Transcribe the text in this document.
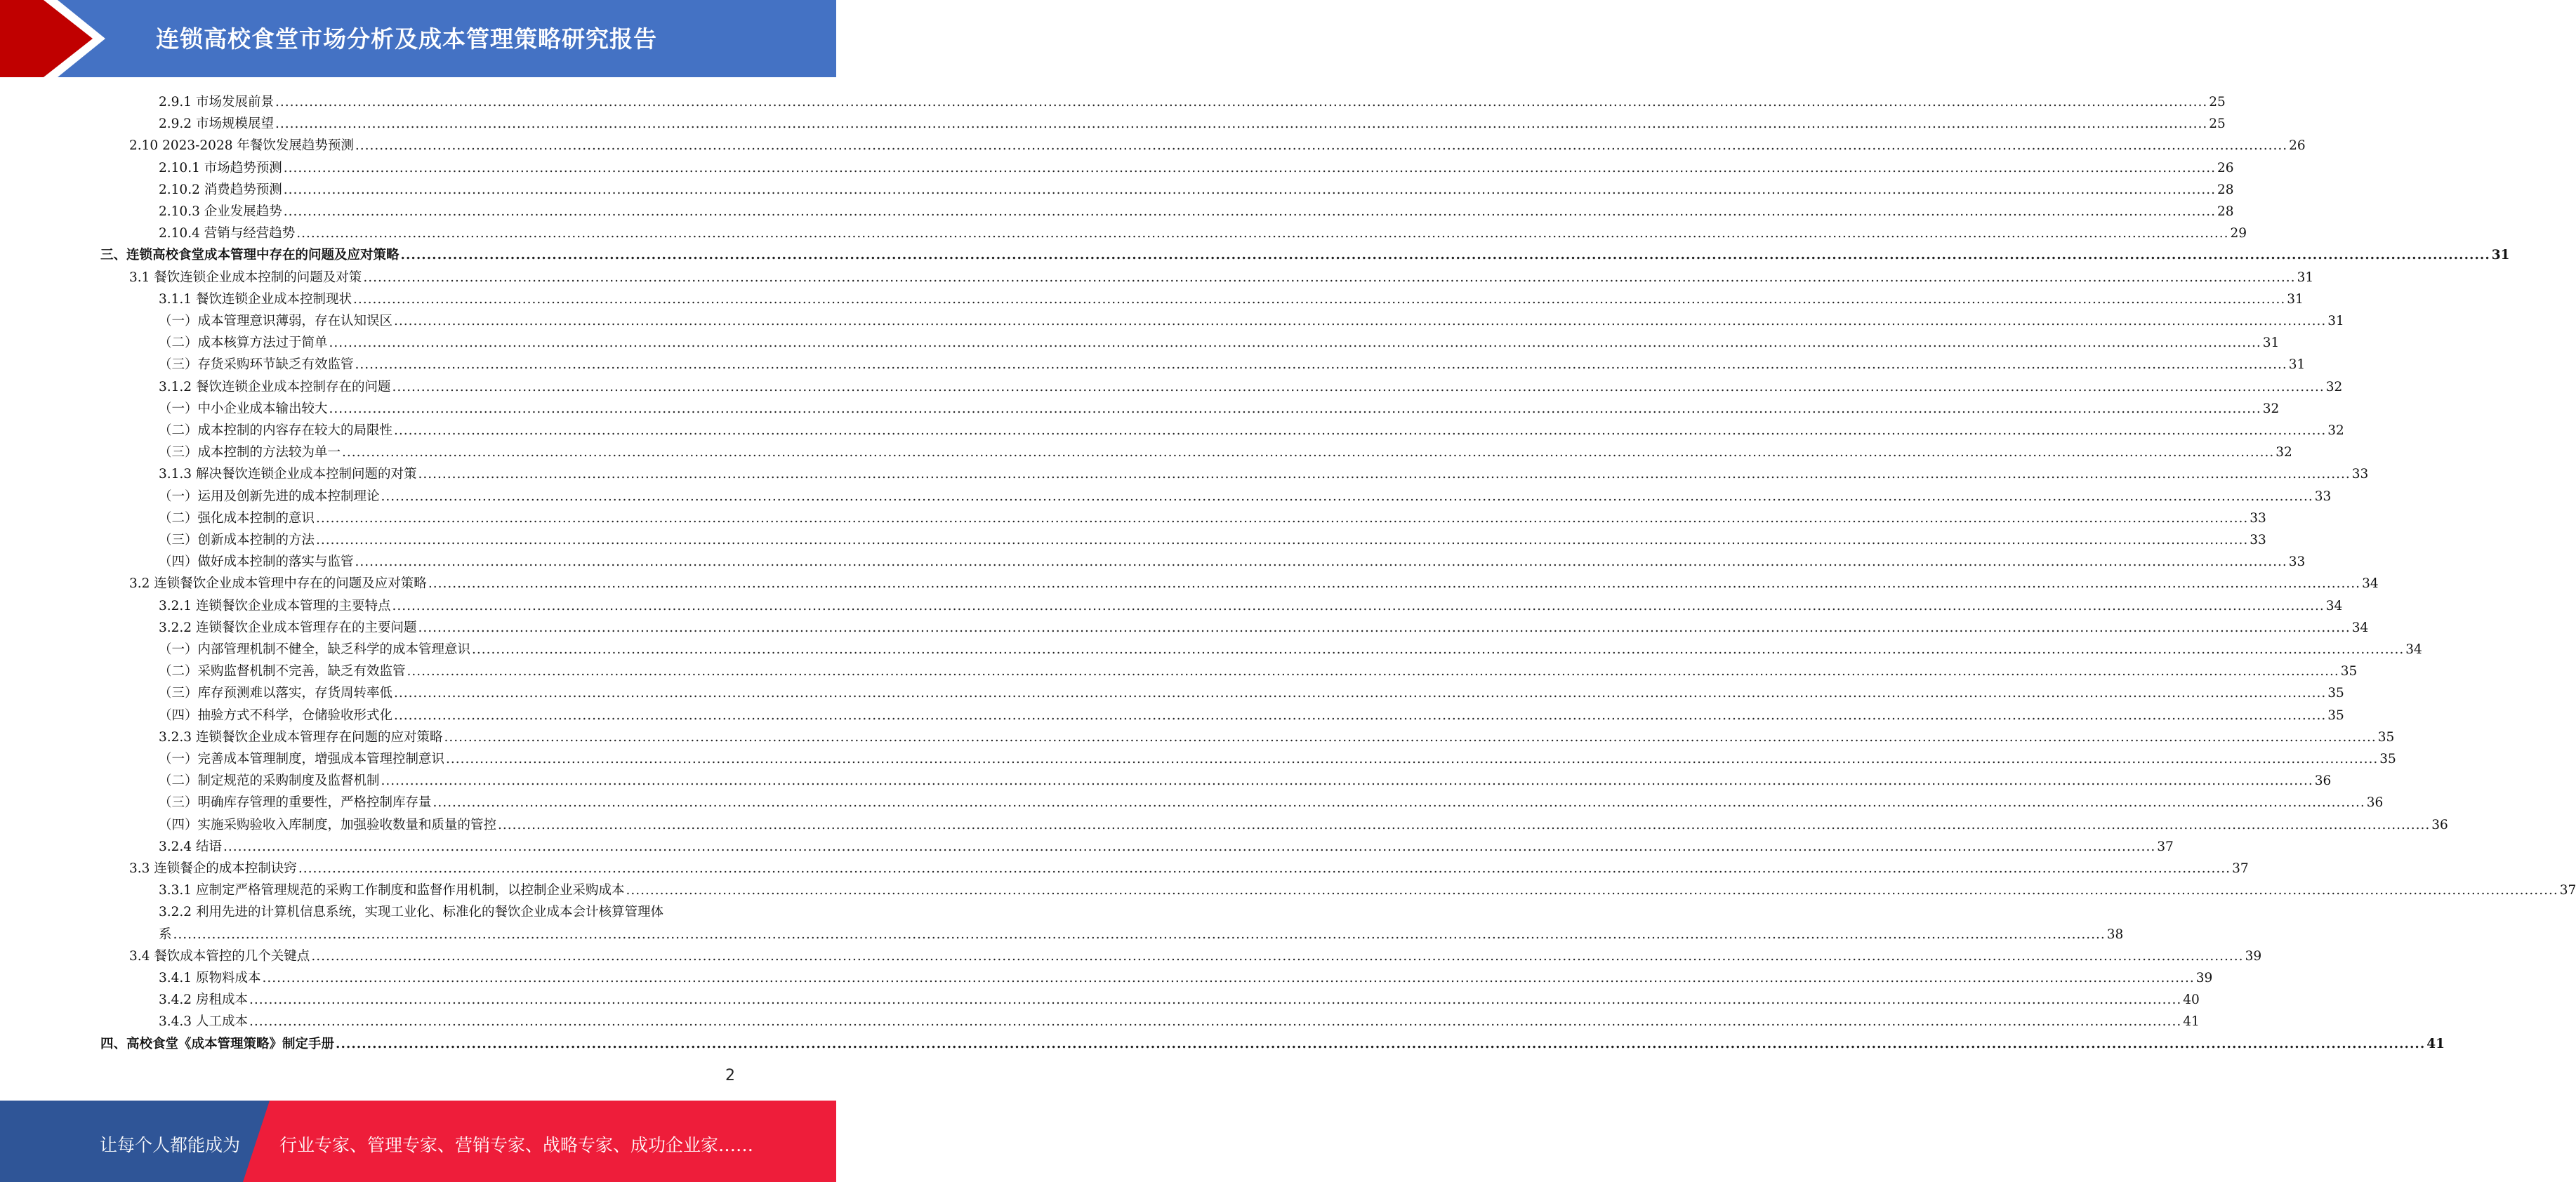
连锁高校食堂市场分析及成本管理策略研究报告
2.9.1 市场发展前景 ................................................................................................................................................................................................................................................................................................................................................................................................................ 25
2.9.2 市场规模展望 ................................................................................................................................................................................................................................................................................................................................................................................................................ 25
2.10 2023-2028 年餐饮发展趋势预测 ................................................................................................................................................................................................................................................................................................................................................................................................................ 26
2.10.1 市场趋势预测 ................................................................................................................................................................................................................................................................................................................................................................................................................ 26
2.10.2 消费趋势预测 ................................................................................................................................................................................................................................................................................................................................................................................................................ 28
2.10.3 企业发展趋势 ................................................................................................................................................................................................................................................................................................................................................................................................................ 28
2.10.4 营销与经营趋势 ................................................................................................................................................................................................................................................................................................................................................................................................................ 29
三、连锁高校食堂成本管理中存在的问题及应对策略 ................................................................................................................................................................................................................................................................................................................................................................................................................ 31
3.1 餐饮连锁企业成本控制的问题及对策 ................................................................................................................................................................................................................................................................................................................................................................................................................ 31
3.1.1 餐饮连锁企业成本控制现状 ................................................................................................................................................................................................................................................................................................................................................................................................................ 31
（一）成本管理意识薄弱，存在认知误区 ................................................................................................................................................................................................................................................................................................................................................................................................................ 31
（二）成本核算方法过于简单 ................................................................................................................................................................................................................................................................................................................................................................................................................ 31
（三）存货采购环节缺乏有效监管 ................................................................................................................................................................................................................................................................................................................................................................................................................ 31
3.1.2 餐饮连锁企业成本控制存在的问题 ................................................................................................................................................................................................................................................................................................................................................................................................................ 32
（一）中小企业成本输出较大 ................................................................................................................................................................................................................................................................................................................................................................................................................ 32
（二）成本控制的内容存在较大的局限性 ................................................................................................................................................................................................................................................................................................................................................................................................................ 32
（三）成本控制的方法较为单一 ................................................................................................................................................................................................................................................................................................................................................................................................................ 32
3.1.3 解决餐饮连锁企业成本控制问题的对策 ................................................................................................................................................................................................................................................................................................................................................................................................................ 33
（一）运用及创新先进的成本控制理论 ................................................................................................................................................................................................................................................................................................................................................................................................................ 33
（二）强化成本控制的意识 ................................................................................................................................................................................................................................................................................................................................................................................................................ 33
（三）创新成本控制的方法 ................................................................................................................................................................................................................................................................................................................................................................................................................ 33
（四）做好成本控制的落实与监管 ................................................................................................................................................................................................................................................................................................................................................................................................................ 33
3.2 连锁餐饮企业成本管理中存在的问题及应对策略 ................................................................................................................................................................................................................................................................................................................................................................................................................ 34
3.2.1 连锁餐饮企业成本管理的主要特点 ................................................................................................................................................................................................................................................................................................................................................................................................................ 34
3.2.2 连锁餐饮企业成本管理存在的主要问题 ................................................................................................................................................................................................................................................................................................................................................................................................................ 34
（一）内部管理机制不健全，缺乏科学的成本管理意识 ................................................................................................................................................................................................................................................................................................................................................................................................................ 34
（二）采购监督机制不完善，缺乏有效监管 ................................................................................................................................................................................................................................................................................................................................................................................................................ 35
（三）库存预测难以落实，存货周转率低 ................................................................................................................................................................................................................................................................................................................................................................................................................ 35
（四）抽验方式不科学，仓储验收形式化 ................................................................................................................................................................................................................................................................................................................................................................................................................ 35
3.2.3 连锁餐饮企业成本管理存在问题的应对策略 ................................................................................................................................................................................................................................................................................................................................................................................................................ 35
（一）完善成本管理制度，增强成本管理控制意识 ................................................................................................................................................................................................................................................................................................................................................................................................................ 35
（二）制定规范的采购制度及监督机制 ................................................................................................................................................................................................................................................................................................................................................................................................................ 36
（三）明确库存管理的重要性，严格控制库存量 ................................................................................................................................................................................................................................................................................................................................................................................................................ 36
（四）实施采购验收入库制度，加强验收数量和质量的管控 ................................................................................................................................................................................................................................................................................................................................................................................................................ 36
3.2.4 结语 ................................................................................................................................................................................................................................................................................................................................................................................................................ 37
3.3 连锁餐企的成本控制诀窍 ................................................................................................................................................................................................................................................................................................................................................................................................................ 37
3.3.1 应制定严格管理规范的采购工作制度和监督作用机制，以控制企业采购成本 ................................................................................................................................................................................................................................................................................................................................................................................................................ 37
3.2.2 利用先进的计算机信息系统，实现工业化、标准化的餐饮企业成本会计核算管理体
系 ................................................................................................................................................................................................................................................................................................................................................................................................................ 38
3.4 餐饮成本管控的几个关键点 ................................................................................................................................................................................................................................................................................................................................................................................................................ 39
3.4.1 原物料成本 ................................................................................................................................................................................................................................................................................................................................................................................................................ 39
3.4.2 房租成本 ................................................................................................................................................................................................................................................................................................................................................................................................................ 40
3.4.3 人工成本 ................................................................................................................................................................................................................................................................................................................................................................................................................ 41
四、高校食堂《成本管理策略》制定手册 ................................................................................................................................................................................................................................................................................................................................................................................................................ 41
2
让每个人都能成为 行业专家、管理专家、营销专家、战略专家、成功企业家……
